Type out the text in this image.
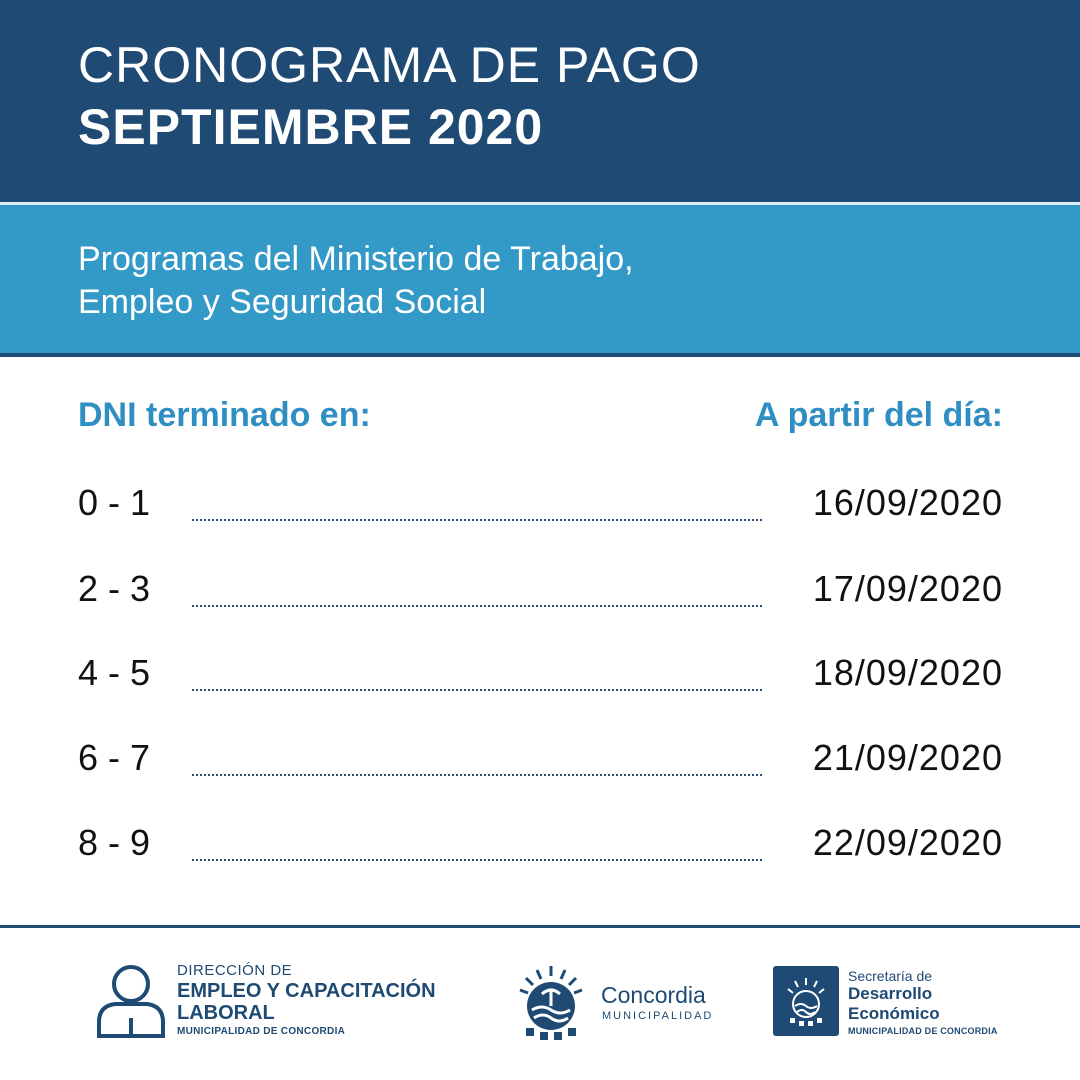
CRONOGRAMA DE PAGO
SEPTIEMBRE 2020
Programas del Ministerio de Trabajo,
Empleo y Seguridad Social
DNI terminado en:	A partir del día:
0 - 1	16/09/2020
2 - 3	17/09/2020
4 - 5	18/09/2020
6 - 7	21/09/2020
8 - 9	22/09/2020
DIRECCIÓN DE
EMPLEO Y CAPACITACIÓN
LABORAL
MUNICIPALIDAD DE CONCORDIA
Concordia
MUNICIPALIDAD
Secretaría de
Desarrollo
Económico
MUNICIPALIDAD DE CONCORDIA
